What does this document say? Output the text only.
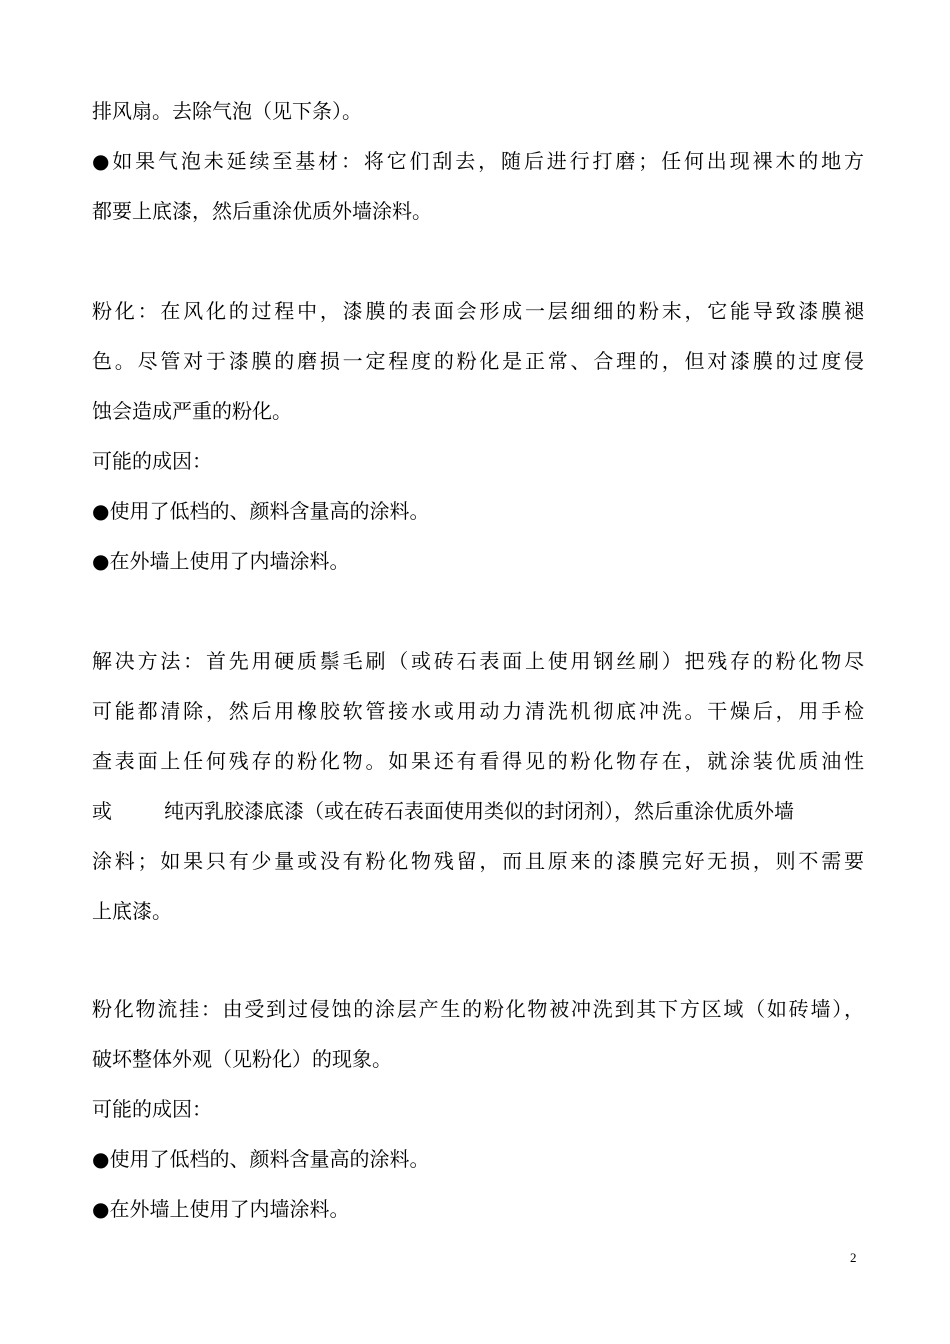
排风扇。去除气泡（见下条）。

●如果气泡未延续至基材：将它们刮去，随后进行打磨；任何出现裸木的地方

都要上底漆，然后重涂优质外墙涂料。

粉化：在风化的过程中，漆膜的表面会形成一层细细的粉末，它能导致漆膜褪

色。尽管对于漆膜的磨损一定程度的粉化是正常、合理的，但对漆膜的过度侵

蚀会造成严重的粉化。

可能的成因：

●使用了低档的、颜料含量高的涂料。

●在外墙上使用了内墙涂料。

解决方法：首先用硬质鬃毛刷（或砖石表面上使用钢丝刷）把残存的粉化物尽

可能都清除，然后用橡胶软管接水或用动力清洗机彻底冲洗。干燥后，用手检

查表面上任何残存的粉化物。如果还有看得见的粉化物存在，就涂装优质油性

或	纯丙乳胶漆底漆（或在砖石表面使用类似的封闭剂），然后重涂优质外墙

涂料；如果只有少量或没有粉化物残留，而且原来的漆膜完好无损，则不需要

上底漆。

粉化物流挂：由受到过侵蚀的涂层产生的粉化物被冲洗到其下方区域（如砖墙），

破坏整体外观（见粉化）的现象。

可能的成因：

●使用了低档的、颜料含量高的涂料。

●在外墙上使用了内墙涂料。

2
